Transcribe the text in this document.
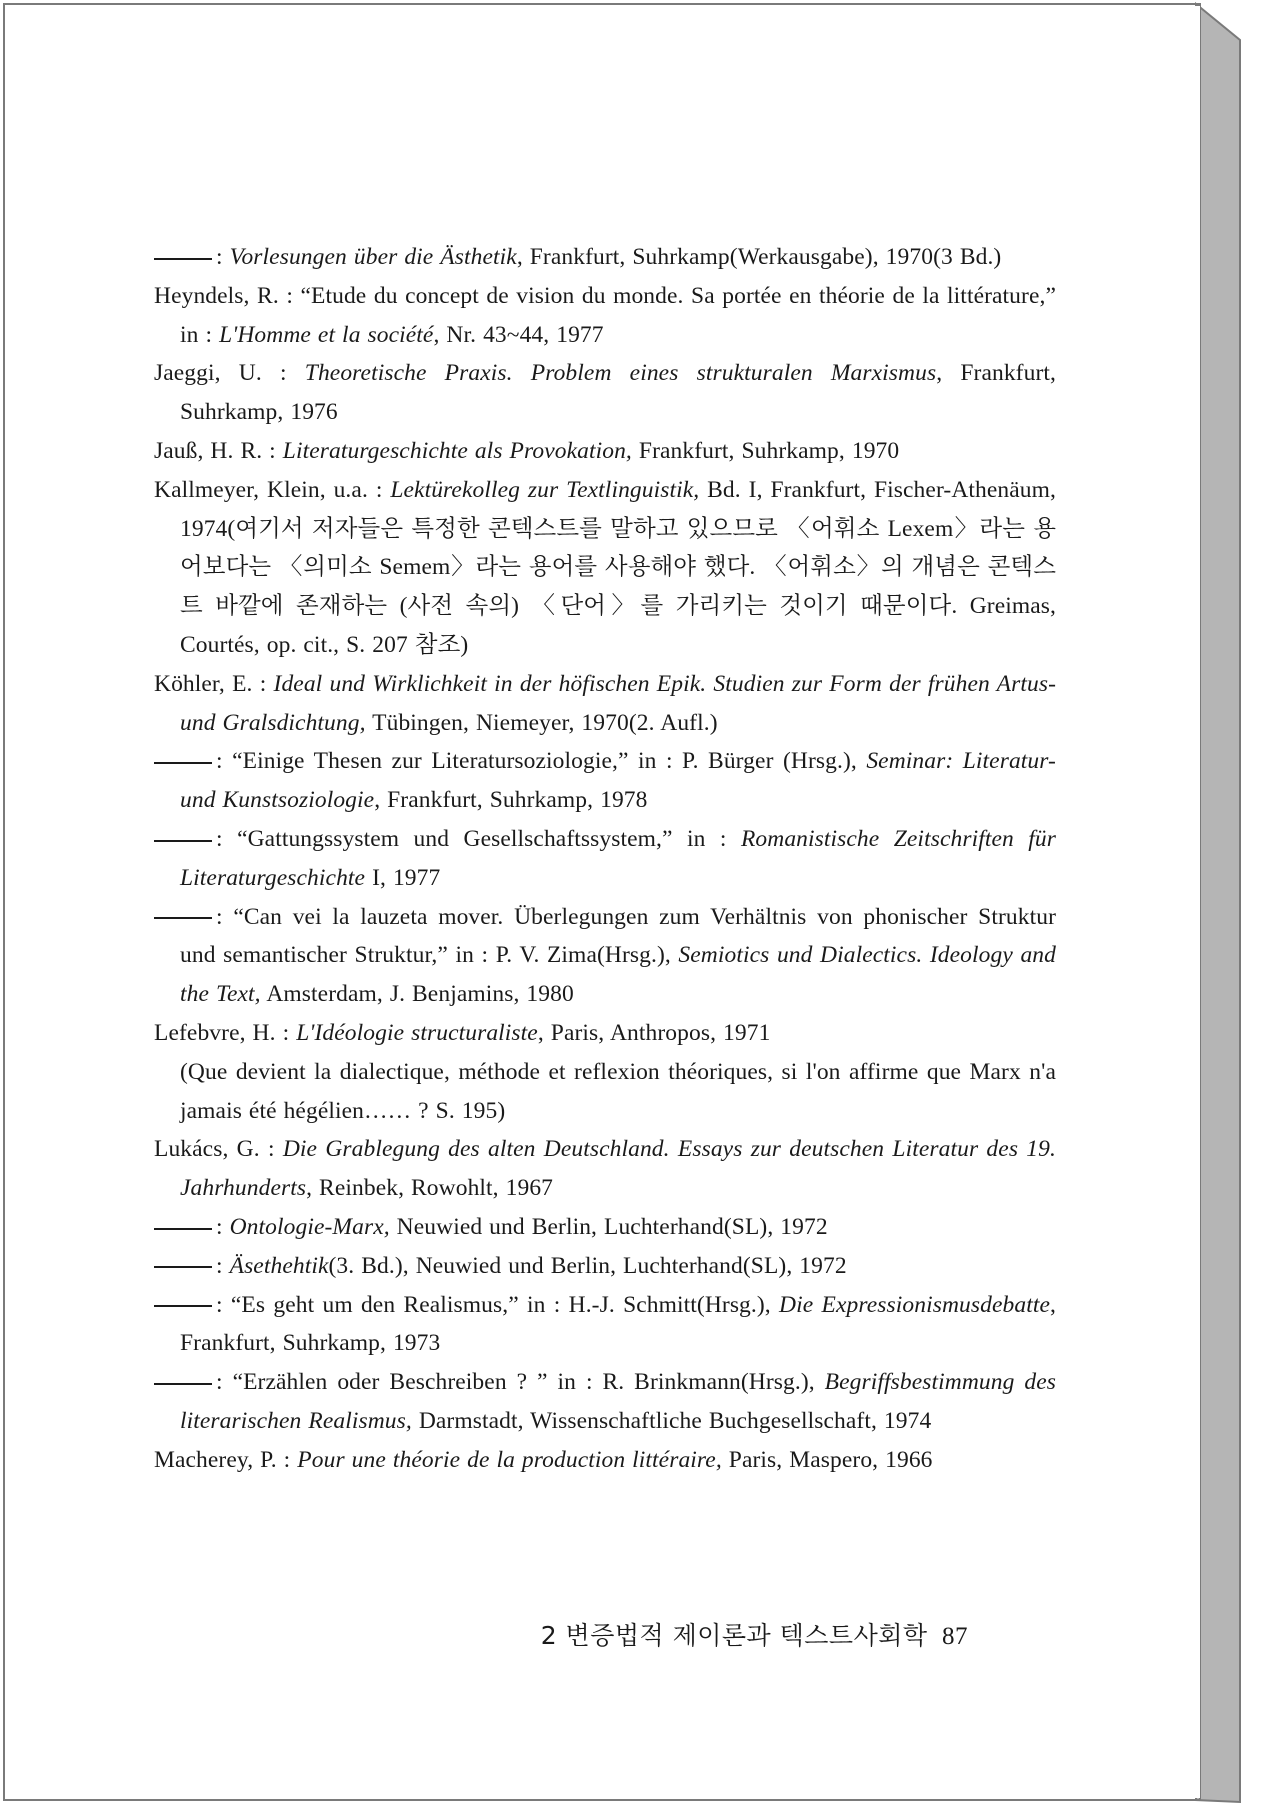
: Vorlesungen über die Ästhetik, Frankfurt, Suhrkamp(Werkausgabe), 1970(3 Bd.)
Heyndels, R. : “Etude du concept de vision du monde. Sa portée en théorie de la littérature,” in : L'Homme et la société, Nr. 43~44, 1977
Jaeggi, U. : Theoretische Praxis. Problem eines strukturalen Marxismus, Frankfurt, Suhrkamp, 1976
Jauß, H. R. : Literaturgeschichte als Provokation, Frankfurt, Suhrkamp, 1970
Kallmeyer, Klein, u.a. : Lektürekolleg zur Textlinguistik, Bd. I, Frankfurt, Fischer-Athenäum, 1974(여기서 저자들은 특정한 콘텍스트를 말하고 있으므로 〈어휘소 Lexem〉라는 용어보다는 〈의미소 Semem〉라는 용어를 사용해야 했다. 〈어휘소〉의 개념은 콘텍스트 바깥에 존재하는 (사전 속의) 〈단어〉를 가리키는 것이기 때문이다. Greimas, Courtés, op. cit., S. 207 참조)
Köhler, E. : Ideal und Wirklichkeit in der höfischen Epik. Studien zur Form der frühen Artus- und Gralsdichtung, Tübingen, Niemeyer, 1970(2. Aufl.)
: “Einige Thesen zur Literatursoziologie,” in : P. Bürger (Hrsg.), Seminar: Literatur-und Kunstsoziologie, Frankfurt, Suhrkamp, 1978
: “Gattungssystem und Gesellschaftssystem,” in : Romanistische Zeitschriften für Literaturgeschichte I, 1977
: “Can vei la lauzeta mover. Überlegungen zum Verhältnis von phonischer Struktur und semantischer Struktur,” in : P. V. Zima(Hrsg.), Semiotics und Dialectics. Ideology and the Text, Amsterdam, J. Benjamins, 1980
Lefebvre, H. : L'Idéologie structuraliste, Paris, Anthropos, 1971
(Que devient la dialectique, méthode et reflexion théoriques, si l'on affirme que Marx n'a jamais été hégélien…… ? S. 195)
Lukács, G. : Die Grablegung des alten Deutschland. Essays zur deutschen Literatur des 19. Jahrhunderts, Reinbek, Rowohlt, 1967
: Ontologie-Marx, Neuwied und Berlin, Luchterhand(SL), 1972
: Äsethehtik(3. Bd.), Neuwied und Berlin, Luchterhand(SL), 1972
: “Es geht um den Realismus,” in : H.-J. Schmitt(Hrsg.), Die Expressionismusdebatte, Frankfurt, Suhrkamp, 1973
: “Erzählen oder Beschreiben ? ” in : R. Brinkmann(Hrsg.), Begriffsbestimmung des literarischen Realismus, Darmstadt, Wissenschaftliche Buchgesellschaft, 1974
Macherey, P. : Pour une théorie de la production littéraire, Paris, Maspero, 1966
2 변증법적 제이론과 텍스트사회학 87
